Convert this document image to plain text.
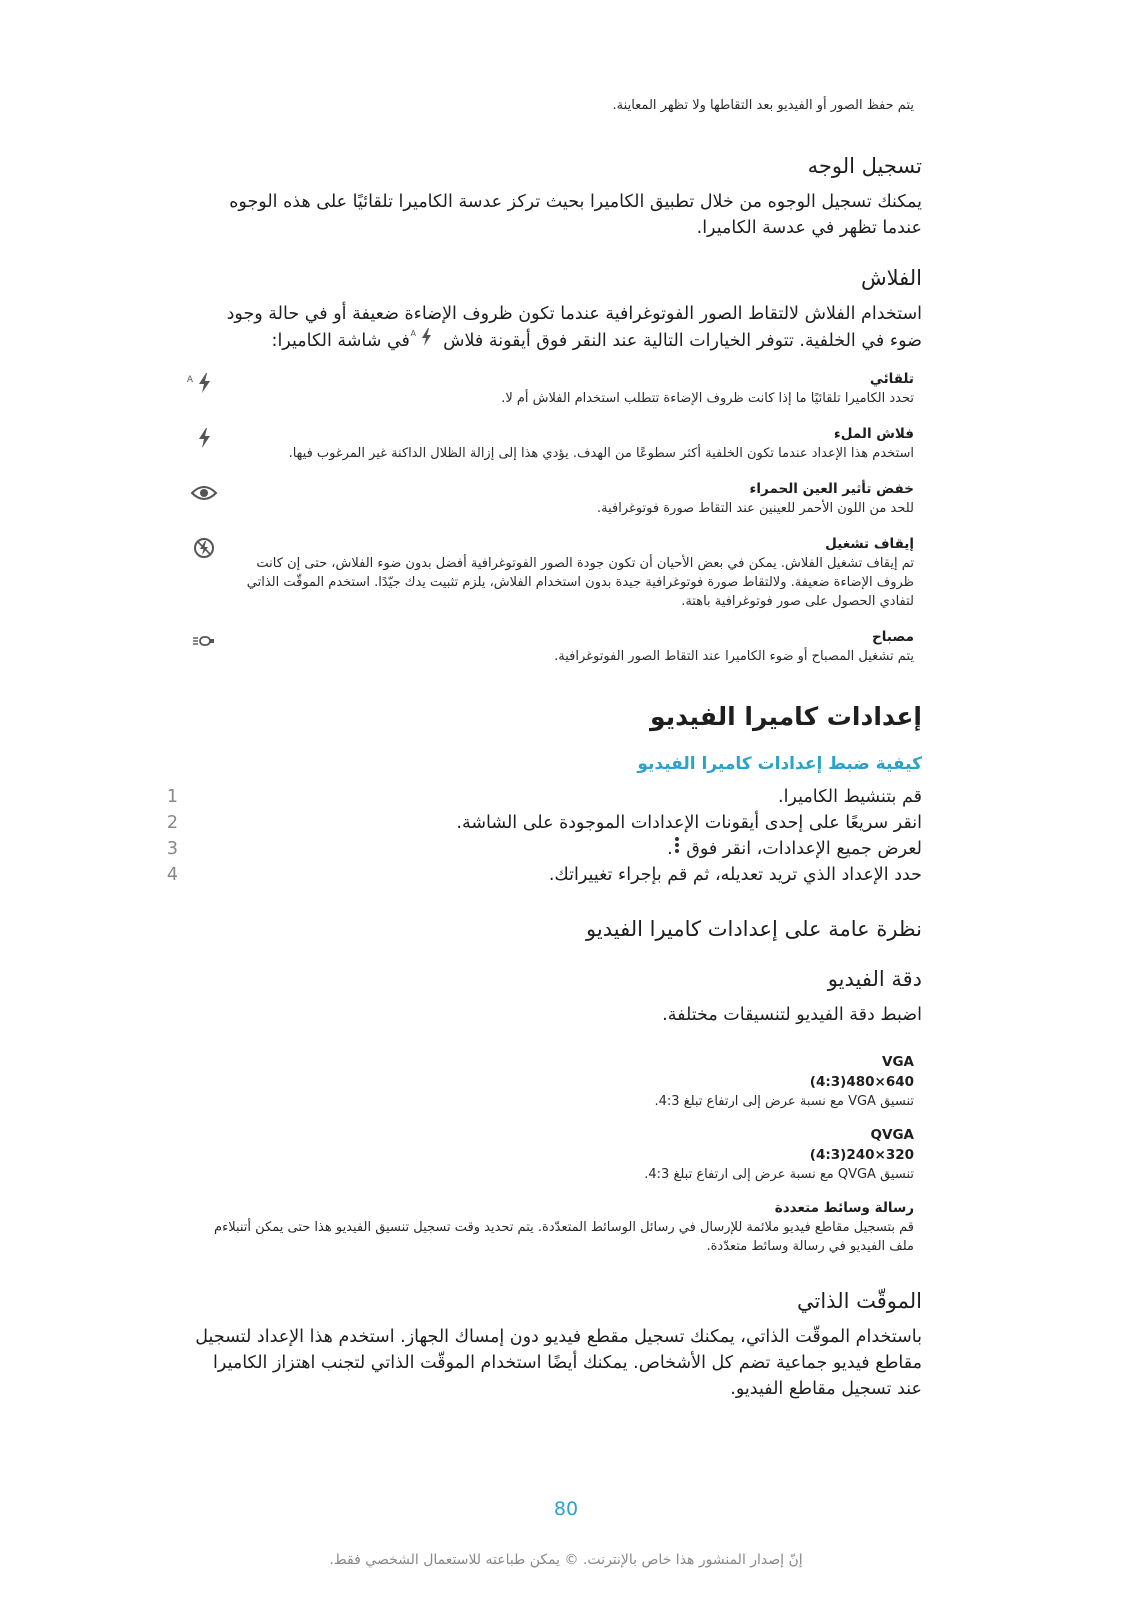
يتم حفظ الصور أو الفيديو بعد التقاطها ولا تظهر المعاينة.

تسجيل الوجه

يمكنك تسجيل الوجوه من خلال تطبيق الكاميرا بحيث تركز عدسة الكاميرا تلقائيًا على هذه الوجوه عندما تظهر في عدسة الكاميرا.

الفلاش

استخدام الفلاش لالتقاط الصور الفوتوغرافية عندما تكون ظروف الإضاءة ضعيفة أو في حالة وجود ضوء في الخلفية. تتوفر الخيارات التالية عند النقر فوق أيقونة فلاش
A
في شاشة الكاميرا:

A	تلقائي

تحدد الكاميرا تلقائيًا ما إذا كانت ظروف الإضاءة تتطلب استخدام الفلاش أم لا.

فلاش الملء

استخدم هذا الإعداد عندما تكون الخلفية أكثر سطوعًا من الهدف. يؤدي هذا إلى إزالة الظلال الداكنة غير المرغوب فيها.

خفض تأثير العين الحمراء

للحد من اللون الأحمر للعينين عند التقاط صورة فوتوغرافية.

إيقاف تشغيل

تم إيقاف تشغيل الفلاش. يمكن في بعض الأحيان أن تكون جودة الصور الفوتوغرافية أفضل بدون ضوء الفلاش، حتى إن كانت ظروف الإضاءة ضعيفة. ولالتقاط صورة فوتوغرافية جيدة بدون استخدام الفلاش، يلزم تثبيت يدك جيّدًا. استخدم الموقّت الذاتي لتفادي الحصول على صور فوتوغرافية باهتة.

مصباح

يتم تشغيل المصباح أو ضوء الكاميرا عند التقاط الصور الفوتوغرافية.

إعدادات كاميرا الفيديو
كيفية ضبط إعدادات كاميرا الفيديو
1	قم بتنشيط الكاميرا.
2	انقر سريعًا على إحدى أيقونات الإعدادات الموجودة على الشاشة.
3	لعرض جميع الإعدادات، انقر فوق .
4	حدد الإعداد الذي تريد تعديله، ثم قم بإجراء تغييراتك.
نظرة عامة على إعدادات كاميرا الفيديو
دقة الفيديو

اضبط دقة الفيديو لتنسيقات مختلفة.

VGA

640×480(4:3)

تنسيق VGA مع نسبة عرض إلى ارتفاع تبلغ 4:3.

QVGA

320×240(4:3)

تنسيق QVGA مع نسبة عرض إلى ارتفاع تبلغ 4:3.

رسالة وسائط متعددة

قم بتسجيل مقاطع فيديو ملائمة للإرسال في رسائل الوسائط المتعدّدة. يتم تحديد وقت تسجيل تنسيق الفيديو هذا حتى يمكن أتنبلاءم ملف الفيديو في رسالة وسائط متعدّدة.

الموقّت الذاتي

باستخدام الموقّت الذاتي، يمكنك تسجيل مقطع فيديو دون إمساك الجهاز. استخدم هذا الإعداد لتسجيل مقاطع فيديو جماعية تضم كل الأشخاص. يمكنك أيضًا استخدام الموقّت الذاتي لتجنب اهتزاز الكاميرا عند تسجيل مقاطع الفيديو.

80
إنّ إصدار المنشور هذا خاص بالإنترنت. © يمكن طباعته للاستعمال الشخصي فقط.
